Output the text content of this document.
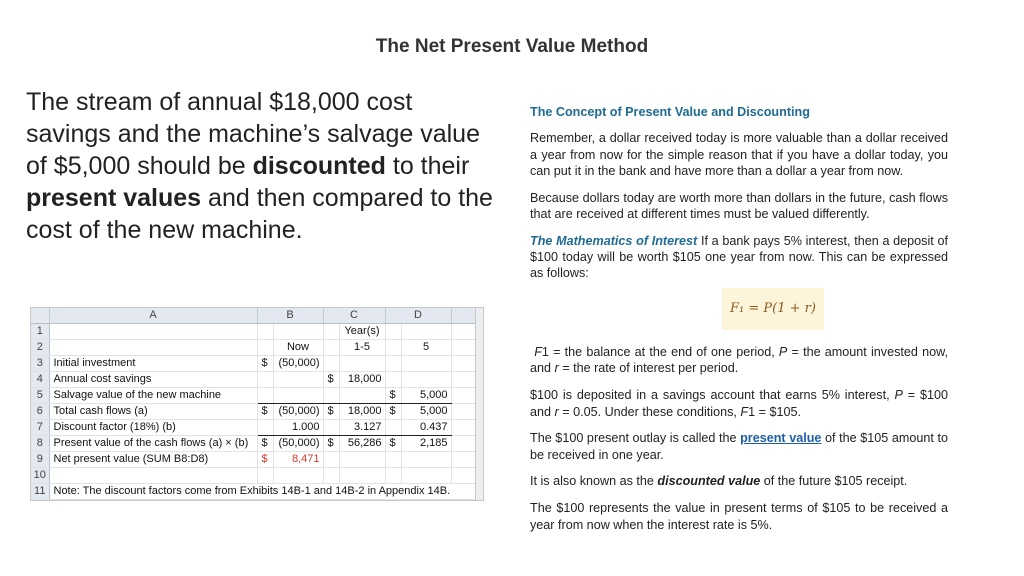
The Net Present Value Method
The stream of annual $18,000 cost savings and the machine’s salvage value of $5,000 should be discounted to their present values and then compared to the cost of the new machine.
	A	B		C		D		
1					Year(s)			
2			Now		1-5		5	
3	Initial investment	$	(50,000)					
4	Annual cost savings			$	18,000			
5	Salvage value of the new machine					$	5,000	
6	Total cash flows (a)	$	(50,000)	$	18,000	$	5,000	
7	Discount factor (18%) (b)		1.000		3.127		0.437	
8	Present value of the cash flows (a) × (b)	$	(50,000)	$	56,286	$	2,185	
9	Net present value (SUM B8:D8)	$	8,471					
10								
11	Note: The discount factors come from Exhibits 14B-1 and 14B-2 in Appendix 14B.							

The Concept of Present Value and Discounting

Remember, a dollar received today is more valuable than a dollar received a year from now for the simple reason that if you have a dollar today, you can put it in the bank and have more than a dollar a year from now.

Because dollars today are worth more than dollars in the future, cash flows that are received at different times must be valued differently.

The Mathematics of Interest If a bank pays 5% interest, then a deposit of $100 today will be worth $105 one year from now. This can be expressed as follows:

F₁ = P(1 + r)

F1 = the balance at the end of one period, P = the amount invested now, and r = the rate of interest per period.

$100 is deposited in a savings account that earns 5% interest, P = $100 and r = 0.05. Under these conditions, F1 = $105.

The $100 present outlay is called the present value of the $105 amount to be received in one year.

It is also known as the discounted value of the future $105 receipt.

The $100 represents the value in present terms of $105 to be received a year from now when the interest rate is 5%.
